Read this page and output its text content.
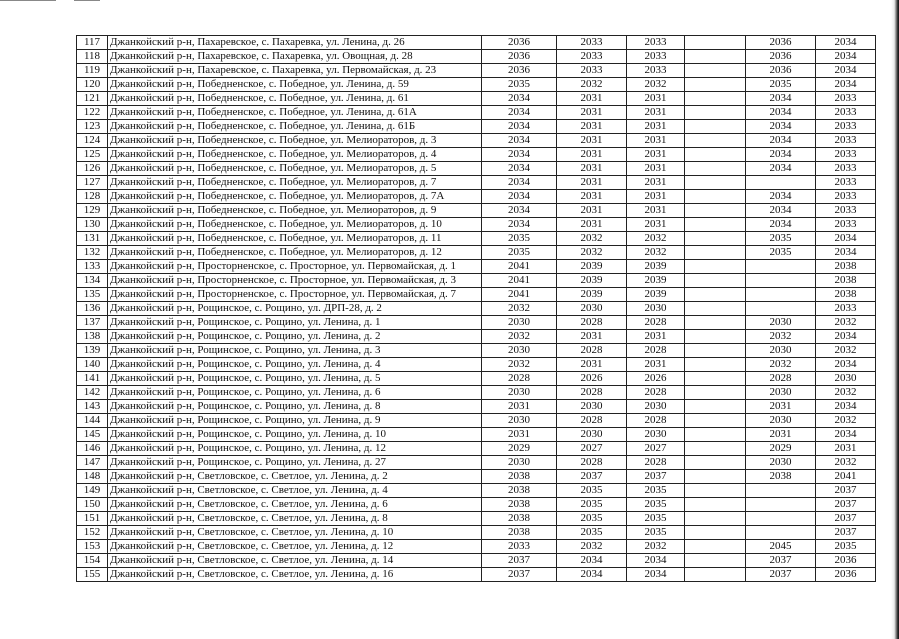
117	Джанкойский р-н, Пахаревское, с. Пахаревка, ул. Ленина, д. 26	2036	2033	2033		2036	2034
118	Джанкойский р-н, Пахаревское, с. Пахаревка, ул. Овощная, д. 28	2036	2033	2033		2036	2034
119	Джанкойский р-н, Пахаревское, с. Пахаревка, ул. Первомайская, д. 23	2036	2033	2033		2036	2034
120	Джанкойский р-н, Победненское, с. Победное, ул. Ленина, д. 59	2035	2032	2032		2035	2034
121	Джанкойский р-н, Победненское, с. Победное, ул. Ленина, д. 61	2034	2031	2031		2034	2033
122	Джанкойский р-н, Победненское, с. Победное, ул. Ленина, д. 61А	2034	2031	2031		2034	2033
123	Джанкойский р-н, Победненское, с. Победное, ул. Ленина, д. 61Б	2034	2031	2031		2034	2033
124	Джанкойский р-н, Победненское, с. Победное, ул. Мелиораторов, д. 3	2034	2031	2031		2034	2033
125	Джанкойский р-н, Победненское, с. Победное, ул. Мелиораторов, д. 4	2034	2031	2031		2034	2033
126	Джанкойский р-н, Победненское, с. Победное, ул. Мелиораторов, д. 5	2034	2031	2031		2034	2033
127	Джанкойский р-н, Победненское, с. Победное, ул. Мелиораторов, д. 7	2034	2031	2031			2033
128	Джанкойский р-н, Победненское, с. Победное, ул. Мелиораторов, д. 7А	2034	2031	2031		2034	2033
129	Джанкойский р-н, Победненское, с. Победное, ул. Мелиораторов, д. 9	2034	2031	2031		2034	2033
130	Джанкойский р-н, Победненское, с. Победное, ул. Мелиораторов, д. 10	2034	2031	2031		2034	2033
131	Джанкойский р-н, Победненское, с. Победное, ул. Мелиораторов, д. 11	2035	2032	2032		2035	2034
132	Джанкойский р-н, Победненское, с. Победное, ул. Мелиораторов, д. 12	2035	2032	2032		2035	2034
133	Джанкойский р-н, Просторненское, с. Просторное, ул. Первомайская, д. 1	2041	2039	2039			2038
134	Джанкойский р-н, Просторненское, с. Просторное, ул. Первомайская, д. 3	2041	2039	2039			2038
135	Джанкойский р-н, Просторненское, с. Просторное, ул. Первомайская, д. 7	2041	2039	2039			2038
136	Джанкойский р-н, Рощинское, с. Рощино, ул. ДРП-28, д. 2	2032	2030	2030			2033
137	Джанкойский р-н, Рощинское, с. Рощино, ул. Ленина, д. 1	2030	2028	2028		2030	2032
138	Джанкойский р-н, Рощинское, с. Рощино, ул. Ленина, д. 2	2032	2031	2031		2032	2034
139	Джанкойский р-н, Рощинское, с. Рощино, ул. Ленина, д. 3	2030	2028	2028		2030	2032
140	Джанкойский р-н, Рощинское, с. Рощино, ул. Ленина, д. 4	2032	2031	2031		2032	2034
141	Джанкойский р-н, Рощинское, с. Рощино, ул. Ленина, д. 5	2028	2026	2026		2028	2030
142	Джанкойский р-н, Рощинское, с. Рощино, ул. Ленина, д. 6	2030	2028	2028		2030	2032
143	Джанкойский р-н, Рощинское, с. Рощино, ул. Ленина, д. 8	2031	2030	2030		2031	2034
144	Джанкойский р-н, Рощинское, с. Рощино, ул. Ленина, д. 9	2030	2028	2028		2030	2032
145	Джанкойский р-н, Рощинское, с. Рощино, ул. Ленина, д. 10	2031	2030	2030		2031	2034
146	Джанкойский р-н, Рощинское, с. Рощино, ул. Ленина, д. 12	2029	2027	2027		2029	2031
147	Джанкойский р-н, Рощинское, с. Рощино, ул. Ленина, д. 27	2030	2028	2028		2030	2032
148	Джанкойский р-н, Светловское, с. Светлое, ул. Ленина, д. 2	2038	2037	2037		2038	2041
149	Джанкойский р-н, Светловское, с. Светлое, ул. Ленина, д. 4	2038	2035	2035			2037
150	Джанкойский р-н, Светловское, с. Светлое, ул. Ленина, д. 6	2038	2035	2035			2037
151	Джанкойский р-н, Светловское, с. Светлое, ул. Ленина, д. 8	2038	2035	2035			2037
152	Джанкойский р-н, Светловское, с. Светлое, ул. Ленина, д. 10	2038	2035	2035			2037
153	Джанкойский р-н, Светловское, с. Светлое, ул. Ленина, д. 12	2033	2032	2032		2045	2035
154	Джанкойский р-н, Светловское, с. Светлое, ул. Ленина, д. 14	2037	2034	2034		2037	2036
155	Джанкойский р-н, Светловское, с. Светлое, ул. Ленина, д. 16	2037	2034	2034		2037	2036
